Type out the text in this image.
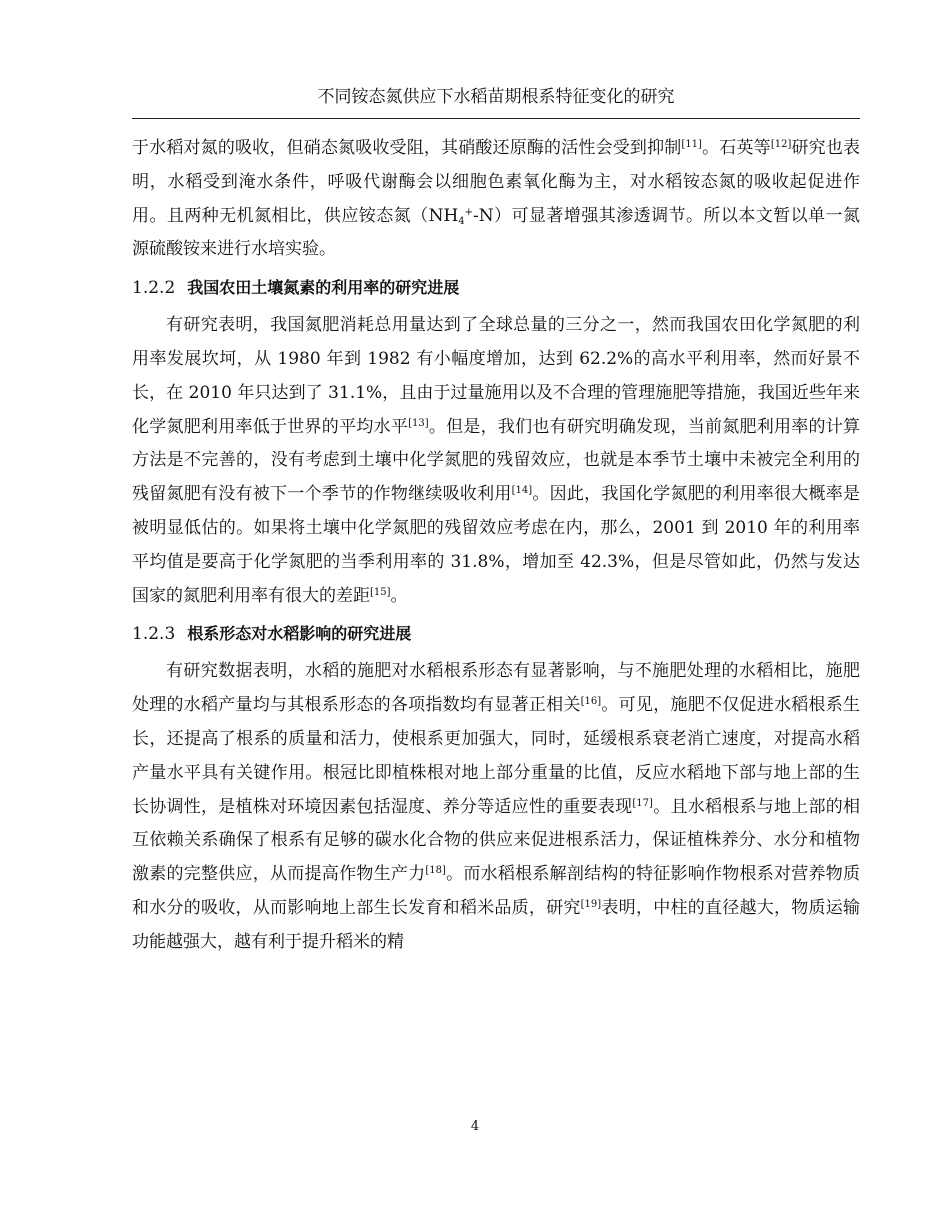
不同铵态氮供应下水稻苗期根系特征变化的研究

于水稻对氮的吸收，但硝态氮吸收受阻，其硝酸还原酶的活性会受到抑制[11]。石英等[12]研究也表明，水稻受到淹水条件，呼吸代谢酶会以细胞色素氧化酶为主，对水稻铵态氮的吸收起促进作用。且两种无机氮相比，供应铵态氮$(NH_4^+-N)$可显著增强其渗透调节。所以本文暂以单一氮源硫酸铵来进行水培实验。

1.2.2 我国农田土壤氮素的利用率的研究进展

有研究表明，我国氮肥消耗总用量达到了全球总量的三分之一，然而我国农田化学氮肥的利用率发展坎坷，从 1980 年到 1982 有小幅度增加，达到 62.2%的高水平利用率，然而好景不长，在 2010 年只达到了 31.1%，且由于过量施用以及不合理的管理施肥等措施，我国近些年来化学氮肥利用率低于世界的平均水平[13]。但是，我们也有研究明确发现，当前氮肥利用率的计算方法是不完善的，没有考虑到土壤中化学氮肥的残留效应，也就是本季节土壤中未被完全利用的残留氮肥有没有被下一个季节的作物继续吸收利用[14]。因此，我国化学氮肥的利用率很大概率是被明显低估的。如果将土壤中化学氮肥的残留效应考虑在内，那么，2001 到 2010 年的利用率平均值是要高于化学氮肥的当季利用率的 31.8%，增加至 42.3%，但是尽管如此，仍然与发达国家的氮肥利用率有很大的差距[15]。

1.2.3 根系形态对水稻影响的研究进展

有研究数据表明，水稻的施肥对水稻根系形态有显著影响，与不施肥处理的水稻相比，施肥处理的水稻产量均与其根系形态的各项指数均有显著正相关[16]。可见，施肥不仅促进水稻根系生长，还提高了根系的质量和活力，使根系更加强大，同时，延缓根系衰老消亡速度，对提高水稻产量水平具有关键作用。根冠比即植株根对地上部分重量的比值，反应水稻地下部与地上部的生长协调性，是植株对环境因素包括湿度、养分等适应性的重要表现[17]。且水稻根系与地上部的相互依赖关系确保了根系有足够的碳水化合物的供应来促进根系活力，保证植株养分、水分和植物激素的完整供应，从而提高作物生产力[18]。而水稻根系解剖结构的特征影响作物根系对营养物质和水分的吸收，从而影响地上部生长发育和稻米品质，研究[19]表明，中柱的直径越大，物质运输功能越强大，越有利于提升稻米的精

4
